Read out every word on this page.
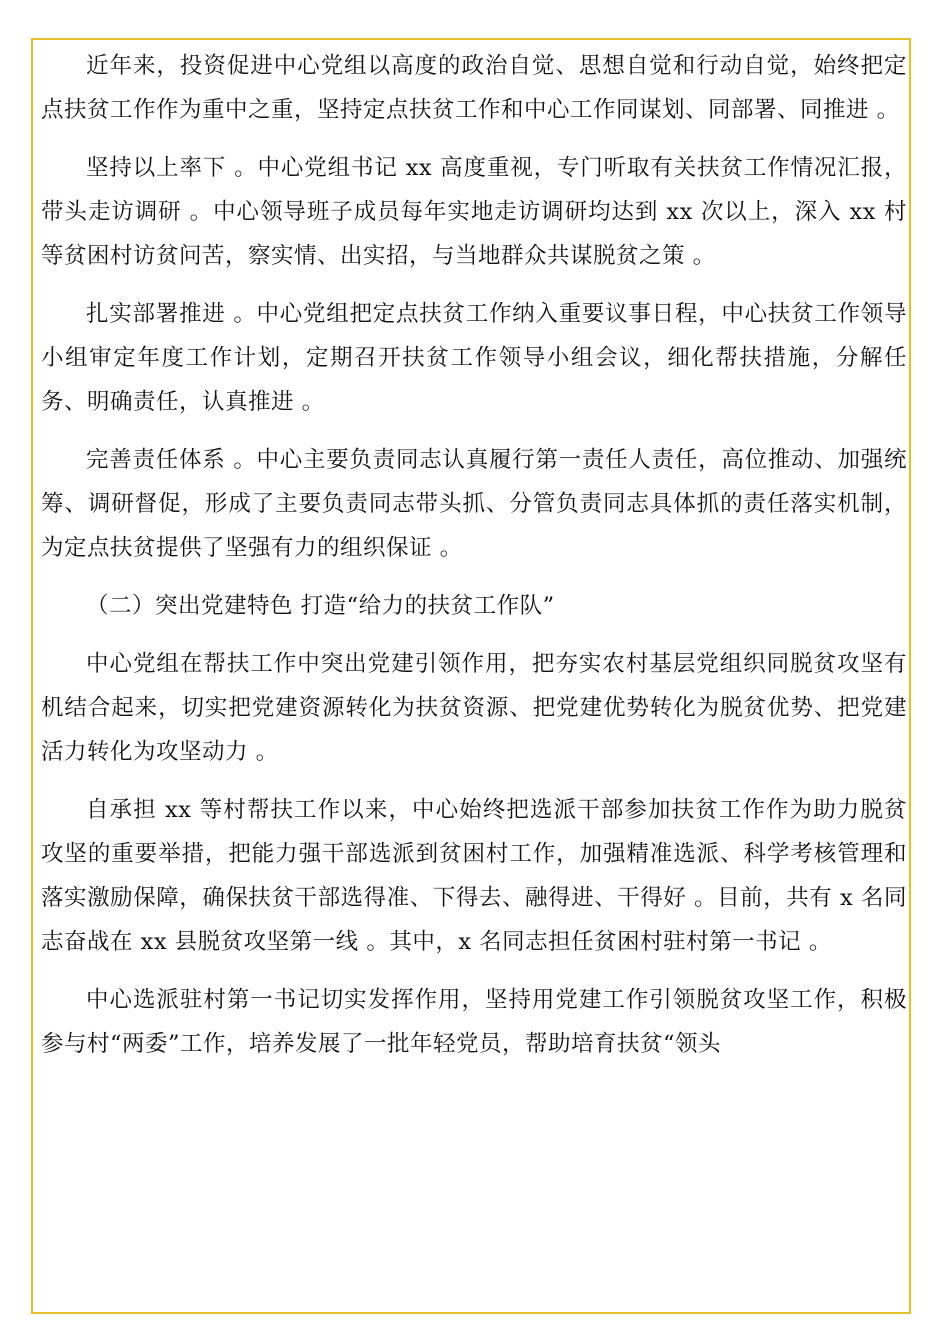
近年来，投资促进中心党组以高度的政治自觉、思想自觉和行动自觉，始终把定点扶贫工作作为重中之重，坚持定点扶贫工作和中心工作同谋划、同部署、同推进 。

坚持以上率下 。中心党组书记 xx 高度重视，专门听取有关扶贫工作情况汇报，带头走访调研 。中心领导班子成员每年实地走访调研均达到 xx 次以上，深入 xx 村等贫困村访贫问苦，察实情、出实招，与当地群众共谋脱贫之策 。

扎实部署推进 。中心党组把定点扶贫工作纳入重要议事日程，中心扶贫工作领导小组审定年度工作计划，定期召开扶贫工作领导小组会议，细化帮扶措施，分解任务、明确责任，认真推进 。

完善责任体系 。中心主要负责同志认真履行第一责任人责任，高位推动、加强统筹、调研督促，形成了主要负责同志带头抓、分管负责同志具体抓的责任落实机制，为定点扶贫提供了坚强有力的组织保证 。

（二）突出党建特色 打造“给力的扶贫工作队”

中心党组在帮扶工作中突出党建引领作用，把夯实农村基层党组织同脱贫攻坚有机结合起来，切实把党建资源转化为扶贫资源、把党建优势转化为脱贫优势、把党建活力转化为攻坚动力 。

自承担 xx 等村帮扶工作以来，中心始终把选派干部参加扶贫工作作为助力脱贫攻坚的重要举措，把能力强干部选派到贫困村工作，加强精准选派、科学考核管理和落实激励保障，确保扶贫干部选得准、下得去、融得进、干得好 。目前，共有 x 名同志奋战在 xx 县脱贫攻坚第一线 。其中，x 名同志担任贫困村驻村第一书记 。

中心选派驻村第一书记切实发挥作用，坚持用党建工作引领脱贫攻坚工作，积极参与村“两委”工作，培养发展了一批年轻党员，帮助培育扶贫“领头
